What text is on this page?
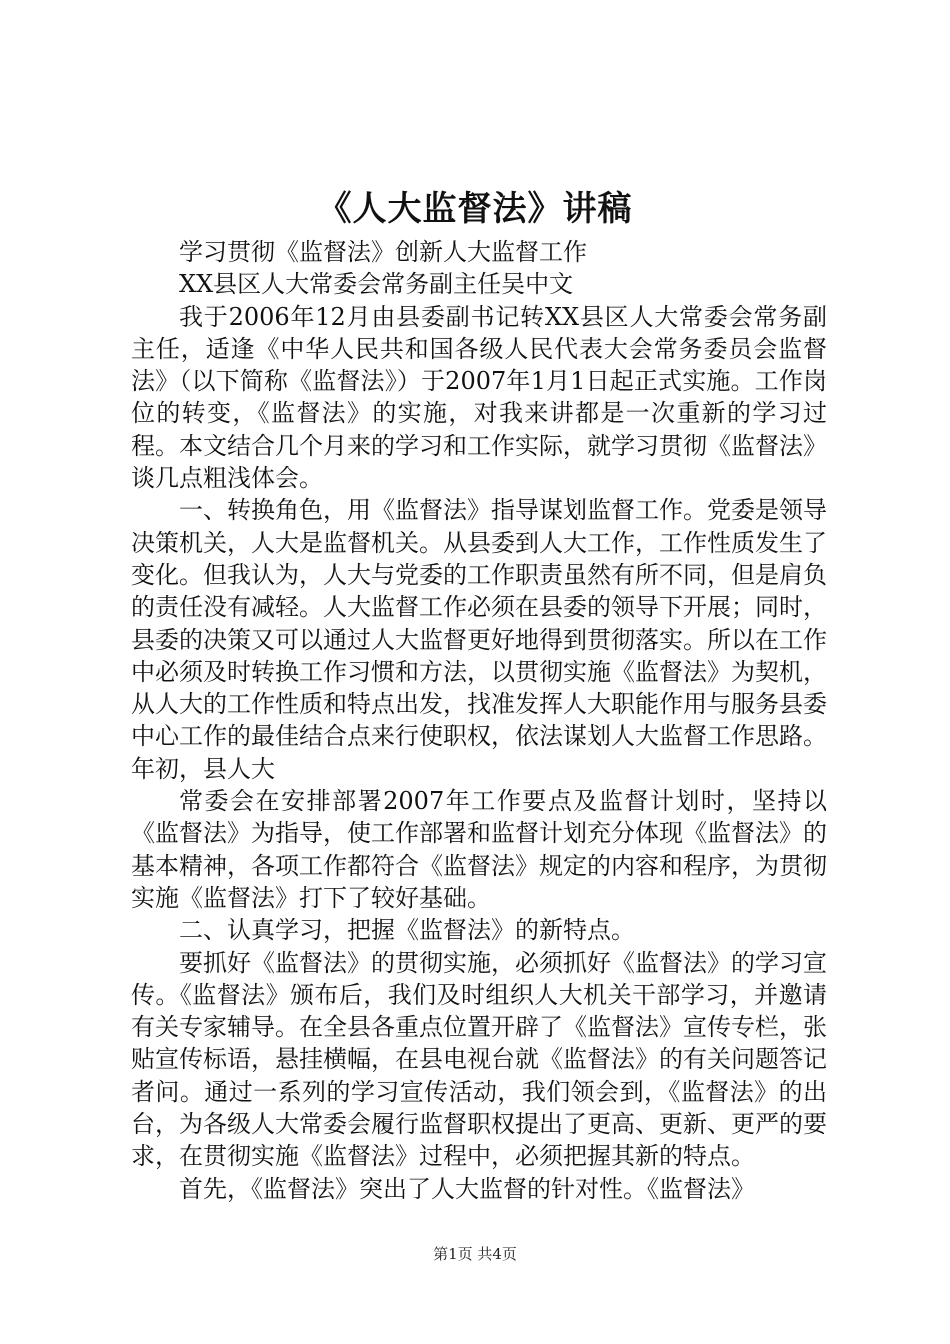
《人大监督法》讲稿

学习贯彻《监督法》创新人大监督工作

XX县区人大常委会常务副主任吴中文

我于2006年12月由县委副书记转XX县区人大常委会常务副主任，适逢《中华人民共和国各级人民代表大会常务委员会监督法》（以下简称《监督法》）于2007年1月1日起正式实施。工作岗位的转变，《监督法》的实施，对我来讲都是一次重新的学习过程。本文结合几个月来的学习和工作实际，就学习贯彻《监督法》谈几点粗浅体会。

一、转换角色，用《监督法》指导谋划监督工作。党委是领导决策机关，人大是监督机关。从县委到人大工作，工作性质发生了变化。但我认为，人大与党委的工作职责虽然有所不同，但是肩负的责任没有减轻。人大监督工作必须在县委的领导下开展；同时，县委的决策又可以通过人大监督更好地得到贯彻落实。所以在工作中必须及时转换工作习惯和方法，以贯彻实施《监督法》为契机，从人大的工作性质和特点出发，找准发挥人大职能作用与服务县委中心工作的最佳结合点来行使职权，依法谋划人大监督工作思路。年初，县人大

常委会在安排部署2007年工作要点及监督计划时，坚持以《监督法》为指导，使工作部署和监督计划充分体现《监督法》的基本精神，各项工作都符合《监督法》规定的内容和程序，为贯彻实施《监督法》打下了较好基础。

二、认真学习，把握《监督法》的新特点。

要抓好《监督法》的贯彻实施，必须抓好《监督法》的学习宣传。《监督法》颁布后，我们及时组织人大机关干部学习，并邀请有关专家辅导。在全县各重点位置开辟了《监督法》宣传专栏，张贴宣传标语，悬挂横幅，在县电视台就《监督法》的有关问题答记者问。通过一系列的学习宣传活动，我们领会到，《监督法》的出台，为各级人大常委会履行监督职权提出了更高、更新、更严的要求，在贯彻实施《监督法》过程中，必须把握其新的特点。

首先，《监督法》突出了人大监督的针对性。《监督法》

第1页 共4页
